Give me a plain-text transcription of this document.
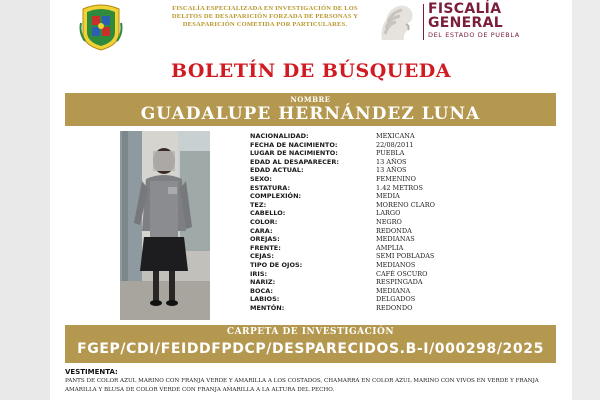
FISCALÍA ESPECIALIZADA EN INVESTIGACIÓN DE LOS DELITOS DE DESAPARICIÓN FORZADA DE PERSONAS Y DESAPARICIÓN COMETIDA POR PARTICULARES.
FISCALÍA
GENERAL
DEL ESTADO DE PUEBLA
BOLETÍN DE BÚSQUEDA
NOMBRE
GUADALUPE HERNÁNDEZ LUNA
NACIONALIDAD:	MEXICANA
FECHA DE NACIMIENTO:	22/08/2011
LUGAR DE NACIMIENTO:	PUEBLA
EDAD AL DESAPARECER:	13 AÑOS
EDAD ACTUAL:	13 AÑOS
SEXO:	FEMENINO
ESTATURA:	1.42 METROS
COMPLEXIÓN:	MEDIA
TEZ:	MORENO CLARO
CABELLO:	LARGO
COLOR:	NEGRO
CARA:	REDONDA
OREJAS:	MEDIANAS
FRENTE:	AMPLIA
CEJAS:	SEMI POBLADAS
TIPO DE OJOS:	MEDIANOS
IRIS:	CAFÉ OSCURO
NARIZ:	RESPINGADA
BOCA:	MEDIANA
LABIOS:	DELGADOS
MENTÓN:	REDONDO
CARPETA DE INVESTIGACIÓN
FGEP/CDI/FEIDDFPDCP/DESPARECIDOS.B-I/000298/2025
VESTIMENTA:
PANTS DE COLOR AZUL MARINO CON FRANJA VERDE Y AMARILLA A LOS COSTADOS, CHAMARRA EN COLOR AZUL MARINO CON VIVOS EN VERDE Y FRANJA AMARILLA Y BLUSA DE COLOR VERDE CON FRANJA AMARILLA A LA ALTURA DEL PECHO.
